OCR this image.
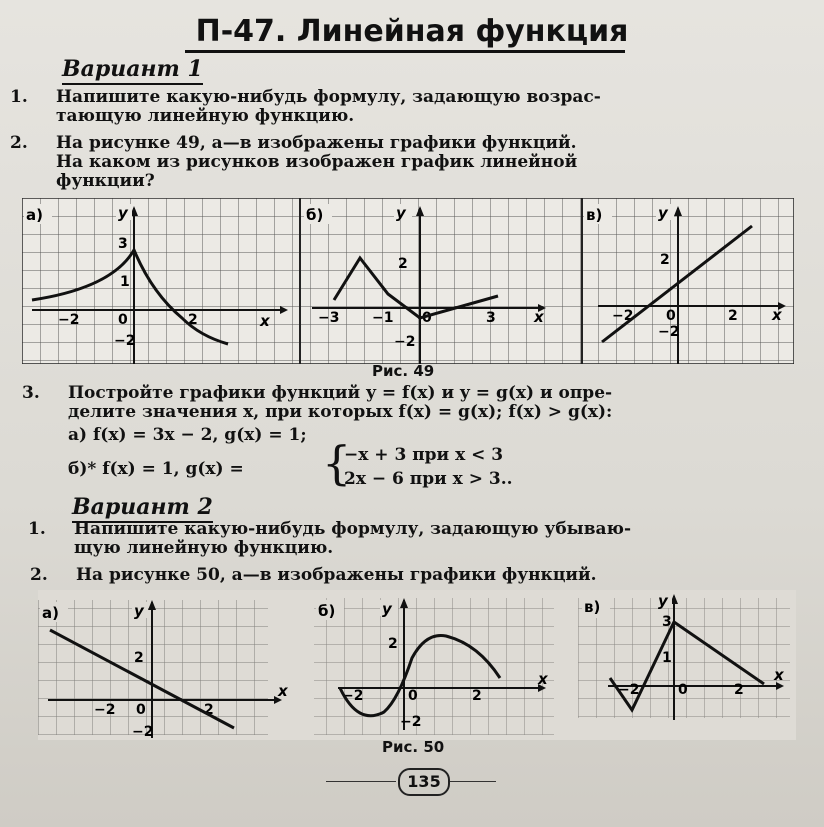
П-47. Линейная функция
Вариант 1
1. Напишите какую-нибудь формулу, задающую возрас-
тающую линейную функцию.
2. На рисунке 49, а—в изображены графики функций.
На каком из рисунков изображен график линейной
функции?
а)	y
x
3
1
−2	0	2
−2
б)	y
x
2
−3 −1 0	3
−2
в)	y
x
2
−2 0	2
−2
Рис. 49
3. Постройте графики функций y = f(x) и y = g(x) и опре-
делите значения x, при которых f(x) = g(x); f(x) > g(x):
а) f(x) = 3x − 2, g(x) = 1;
б)* f(x) = 1, g(x) = {
−x + 3 при x < 3
2x − 6 при x > 3..
Вариант 2
1. Напишите какую-нибудь формулу, задающую убываю-
щую линейную функцию.
2. На рисунке 50, а—в изображены графики функций.
а)	y
x
2
−2 0	2
−2
б)	y
x
2
−2	0	2
−2
в)	y
x
3
1
−2	0	2
Рис. 50
135
